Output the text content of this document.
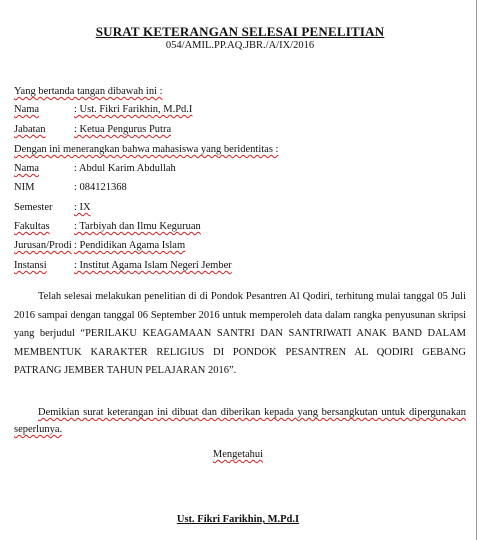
SURAT KETERANGAN SELESAI PENELITIAN
054/AMIL.PP.AQ.JBR./A/IX/2016
Yang bertanda tangan dibawah ini :
Nama	: Ust. Fikri Farikhin, M.Pd.I
Jabatan	: Ketua Pengurus Putra
Dengan ini menerangkan bahwa mahasiswa yang beridentitas :
Nama	: Abdul Karim Abdullah
NIM	: 084121368
Semester : IX
Fakultas : Tarbiyah dan Ilmu Keguruan
Jurusan/Prodi : Pendidikan Agama Islam
Instansi	: Institut Agama Islam Negeri Jember

Telah selesai melakukan penelitian di di Pondok Pesantren Al Qodiri, terhitung mulai tanggal 05 Juli 2016 sampai dengan tanggal 06 September 2016 untuk memperoleh data dalam rangka penyusunan skripsi yang berjudul “PERILAKU KEAGAMAAN SANTRI DAN SANTRIWATI ANAK BAND DALAM MEMBENTUK KARAKTER RELIGIUS DI PONDOK PESANTREN AL QODIRI GEBANG PATRANG JEMBER TAHUN PELAJARAN 2016”.

Demikian surat keterangan ini dibuat dan diberikan kepada yang bersangkutan untuk dipergunakan seperlunya.

Mengetahui
Ust. Fikri Farikhin, M.Pd.I
